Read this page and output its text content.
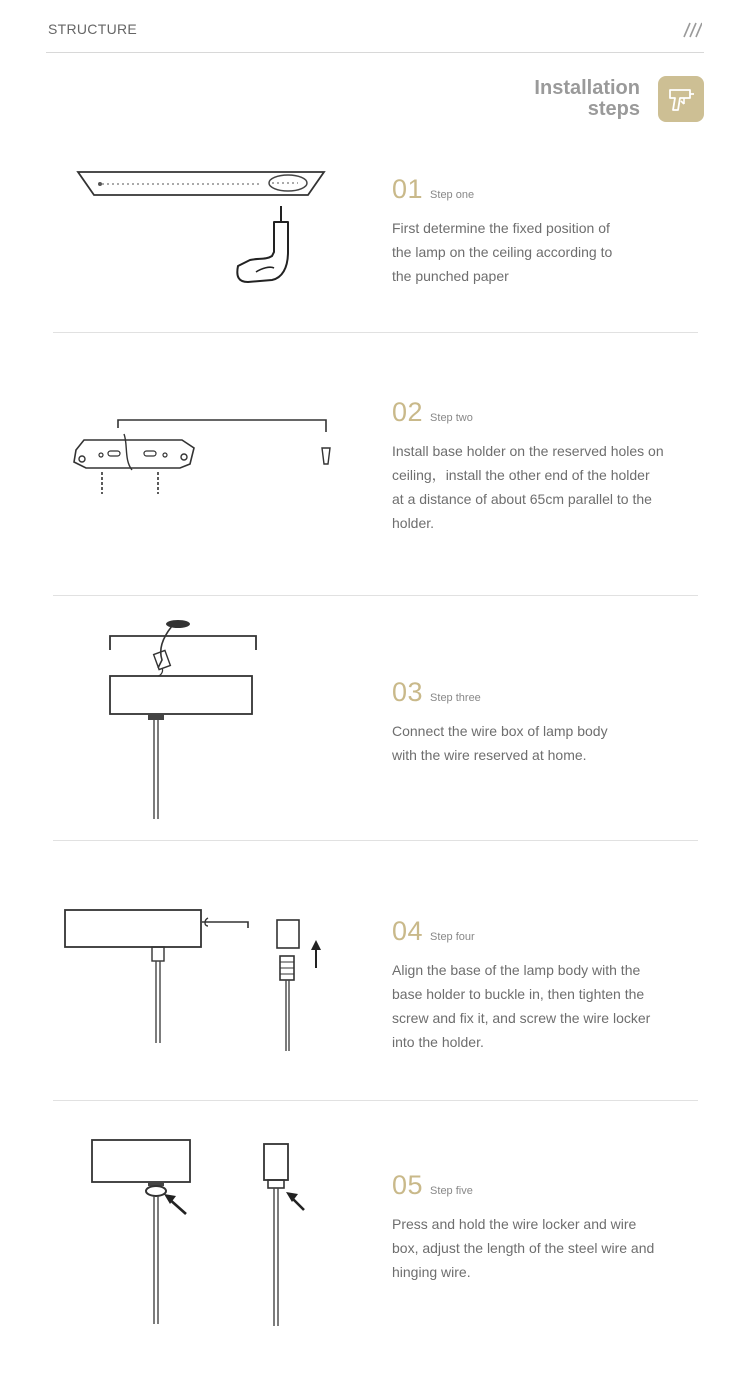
STRUCTURE
Installation
steps
01 Step one
First determine the fixed position of
the lamp on the ceiling according to
the punched paper
02 Step two
Install base holder on the reserved holes on
ceiling，install the other end of the holder
at a distance of about 65cm parallel to the
holder.
03 Step three
Connect the wire box of lamp body
with the wire reserved at home.
04 Step four
Align the base of the lamp body with the
base holder to buckle in, then tighten the
screw and fix it, and screw the wire locker
into the holder.
05 Step five
Press and hold the wire locker and wire
box, adjust the length of the steel wire and
hinging wire.
